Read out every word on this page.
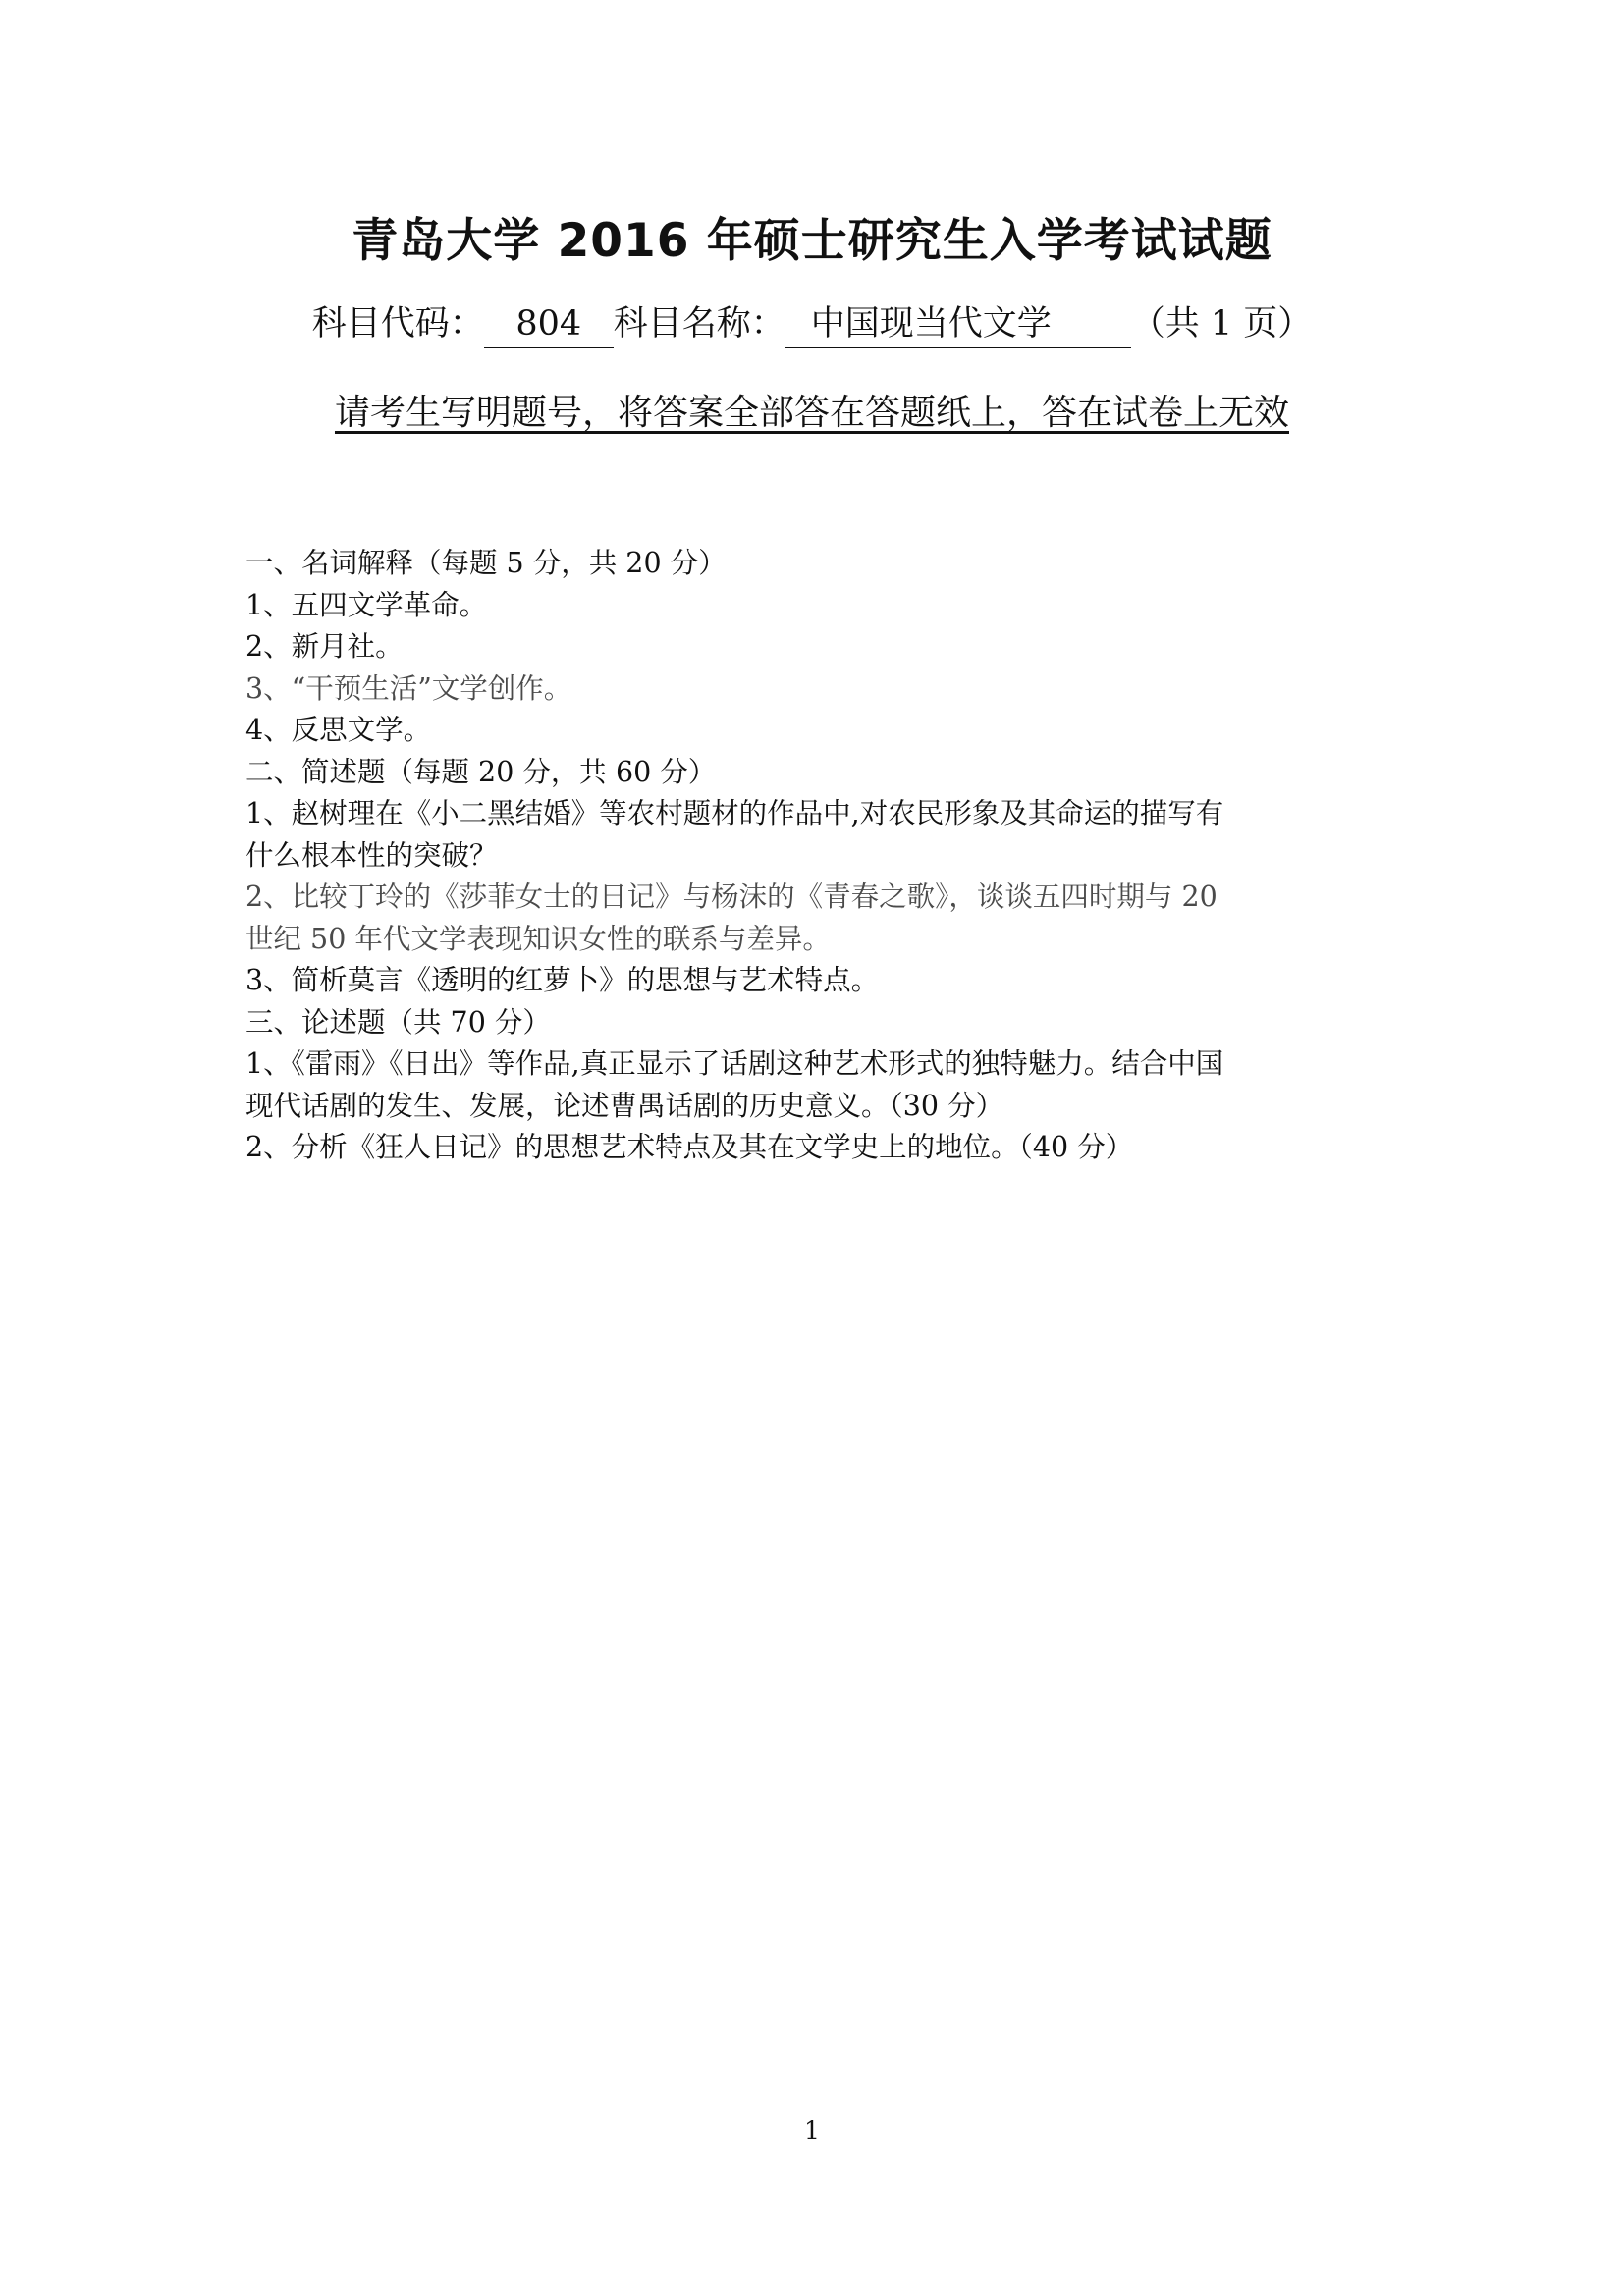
青岛大学 2016 年硕士研究生入学考试试题
科目代码： 804 科目名称： 中国现当代文学 （共 1 页）
请考生写明题号，将答案全部答在答题纸上，答在试卷上无效
一、名词解释（每题 5 分，共 20 分）
1、五四文学革命。
2、新月社。
3、“干预生活”文学创作。
4、反思文学。
二、简述题（每题 20 分，共 60 分）
1、赵树理在《小二黑结婚》等农村题材的作品中,对农民形象及其命运的描写有
什么根本性的突破？
2、比较丁玲的《莎菲女士的日记》与杨沫的《青春之歌》，谈谈五四时期与 20
世纪 50 年代文学表现知识女性的联系与差异。
3、简析莫言《透明的红萝卜》的思想与艺术特点。
三、论述题（共 70 分）
1、《雷雨》《日出》等作品,真正显示了话剧这种艺术形式的独特魅力。结合中国
现代话剧的发生、发展，论述曹禺话剧的历史意义。（30 分）
2、分析《狂人日记》的思想艺术特点及其在文学史上的地位。（40 分）
1
